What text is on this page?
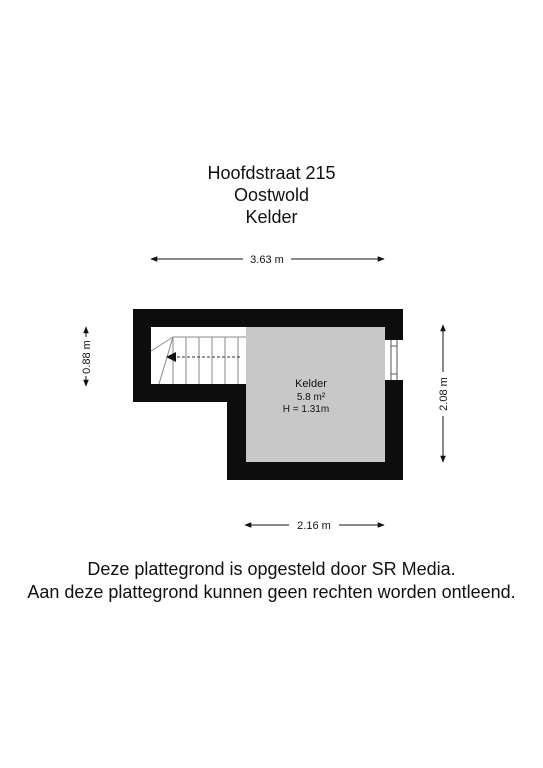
Hoofdstraat 215
Oostwold
Kelder
Kelder
5.8 m²
H = 1.31m
3.63 m
0.88 m
2.08 m
2.16 m
Deze plattegrond is opgesteld door SR Media.
Aan deze plattegrond kunnen geen rechten worden ontleend.
